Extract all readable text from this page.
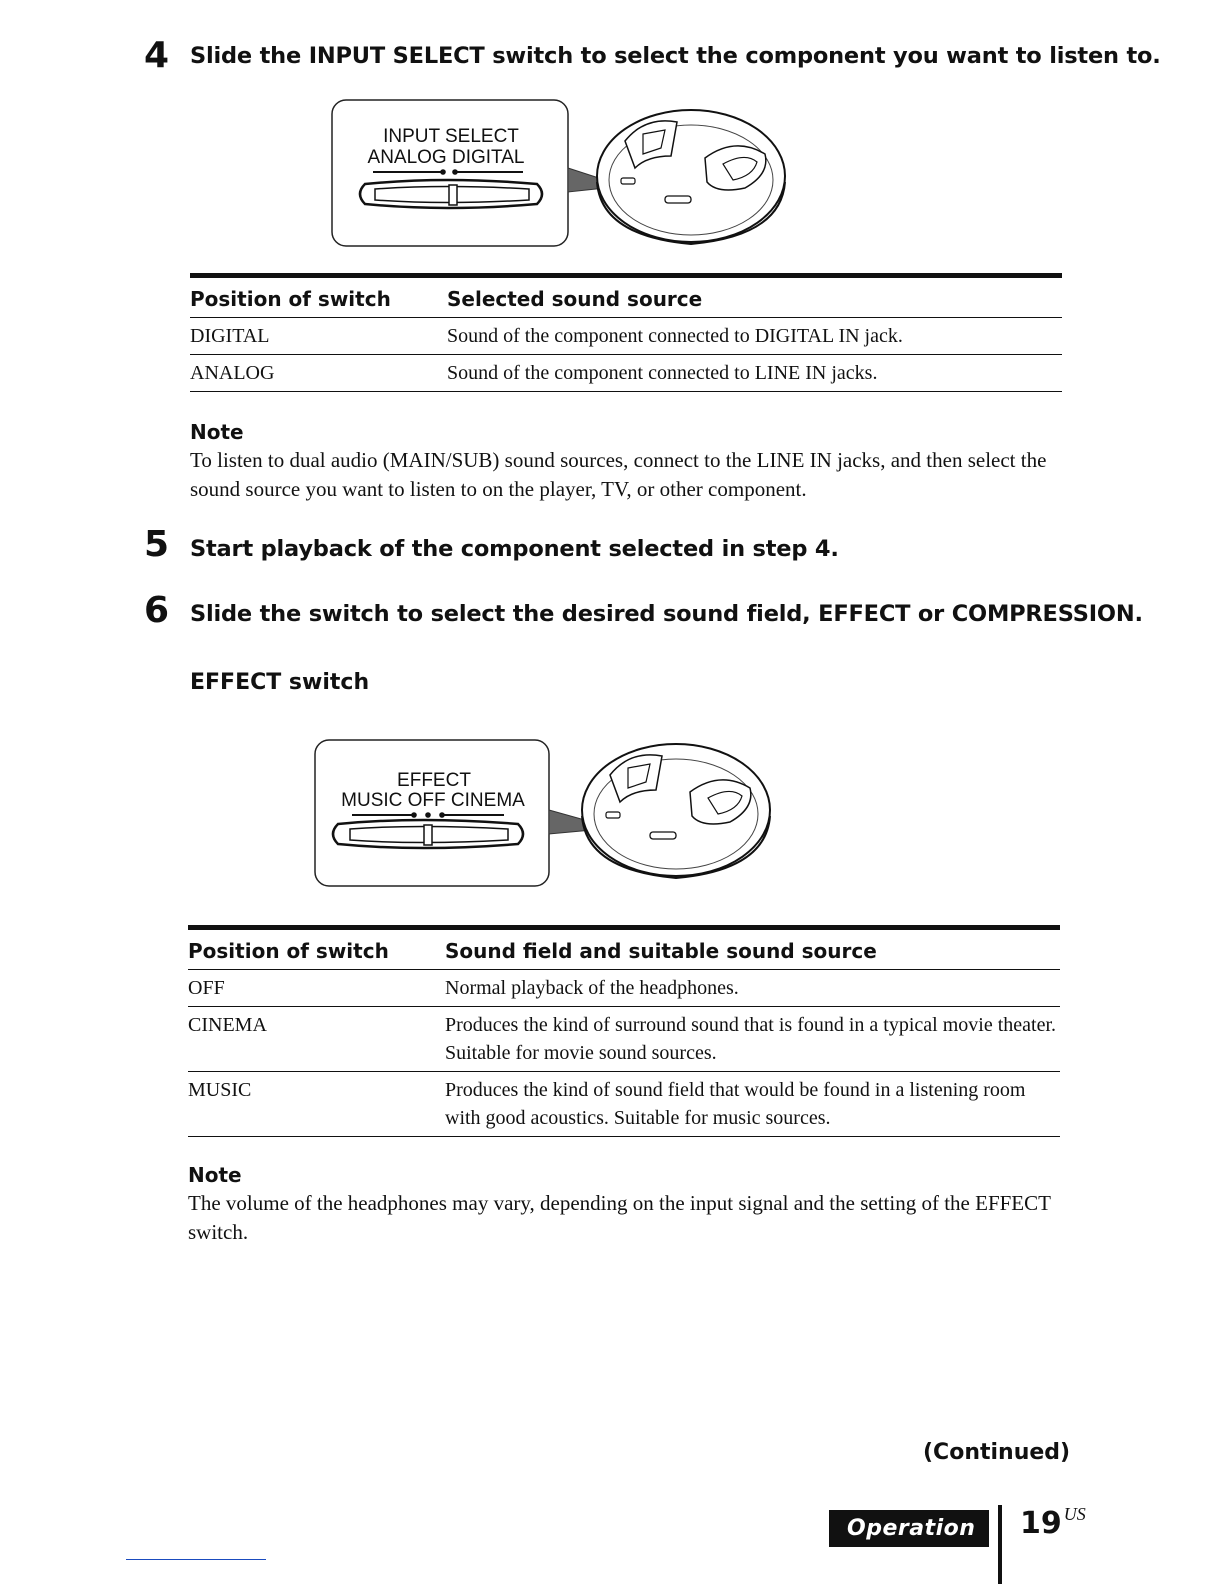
4 Slide the INPUT SELECT switch to select the component you want to listen to.
INPUT SELECT
ANALOG DIGITAL
Position of switch	Selected sound source
DIGITAL	Sound of the component connected to DIGITAL IN jack.
ANALOG	Sound of the component connected to LINE IN jacks.
Note
To listen to dual audio (MAIN/SUB) sound sources, connect to the LINE IN jacks, and then select the sound source you want to listen to on the player, TV, or other component.
5 Start playback of the component selected in step 4.
6 Slide the switch to select the desired sound field, EFFECT or COMPRESSION.
EFFECT switch
EFFECT
MUSIC OFF CINEMA
Position of switch	Sound field and suitable sound source
OFF	Normal playback of the headphones.
CINEMA	Produces the kind of surround sound that is found in a typical movie theater. Suitable for movie sound sources.
MUSIC	Produces the kind of sound field that would be found in a listening room with good acoustics. Suitable for music sources.
Note
The volume of the headphones may vary, depending on the input signal and the setting of the EFFECT switch.
(Continued)
Operation	19 $^{US}$
